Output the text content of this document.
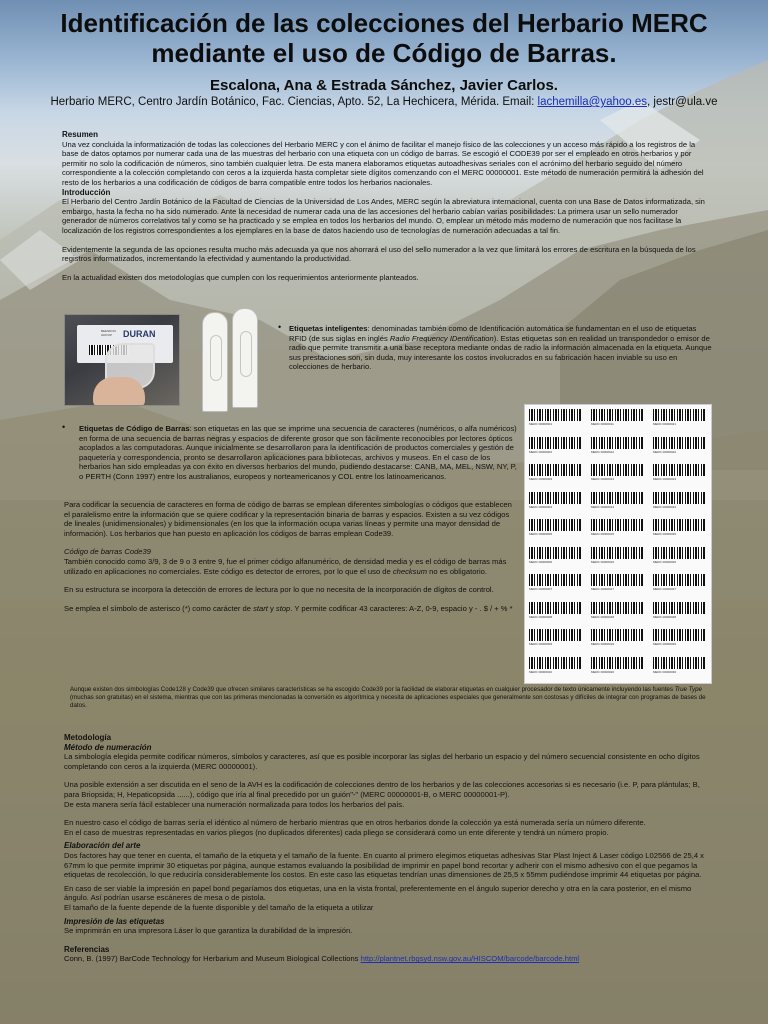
Identificación de las colecciones del Herbario MERC
mediante el uso de Código de Barras.
Escalona, Ana & Estrada Sánchez, Javier Carlos.
Herbario MERC, Centro Jardín Botánico, Fac. Ciencias, Apto. 52, La Hechicera, Mérida. Email: lachemilla@yahoo.es, jestr@ula.ve

Resumen

Una vez concluida la informatización de todas las colecciones del Herbario MERC y con el ánimo de facilitar el manejo físico de las colecciones y un acceso más rápido a los registros de la base de datos optamos por numerar cada una de las muestras del herbario con una etiqueta con un código de barras. Se escogió el CODE39 por ser el empleado en otros herbarios y por permitir no solo la codificación de números, sino también cualquier letra. De esta manera elaboramos etiquetas autoadhesivas seriales con el acrónimo del herbario seguido del número correspondiente a la colección completando con ceros a la izquierda hasta completar siete dígitos comenzando con el MERC 00000001. Este método de numeración permitirá la adhesión del resto de los herbarios a una codificación de códigos de barra compatible entre todos los herbarios nacionales.

Introducción

El Herbario del Centro Jardín Botánico de la Facultad de Ciencias de la Universidad de Los Andes, MERC según la abreviatura internacional, cuenta con una Base de Datos informatizada, sin embargo, hasta la fecha no ha sido numerado. Ante la necesidad de numerar cada una de las accesiones del herbario cabían varias posibilidades: La primera usar un sello numerador generador de números correlativos tal y como se ha practicado y se emplea en todos los herbarios del mundo. O, emplear un método más moderno de numeración que nos facilitase la localización de los registros correspondientes a los ejemplares en la base de datos haciendo uso de tecnologías de numeración adecuadas a tal fin.

Evidentemente la segunda de las opciones resulta mucho más adecuada ya que nos ahorrará el uso del sello numerador a la vez que limitará los errores de escritura en la búsqueda de los registros informatizados, incrementando la efectividad y aumentando la productividad.

En la actualidad existen dos metodologías que cumplen con los requerimientos anteriormente planteados.

DURAN
BEENDON GROUP
• Etiquetas inteligentes: denominadas también como de Identificación automática se fundamentan en el uso de etiquetas RFID (de sus siglas en inglés Radio Frequency IDentification). Estas etiquetas son en realidad un transpondedor o emisor de radio que permite transmitir a una base receptora mediante ondas de radio la información almacenada en la etiqueta. Aunque sus prestaciones son, sin duda, muy interesante los costos involucrados en su fabricación hacen inviable su uso en colecciones de herbario.

• Etiquetas de Código de Barras: son etiquetas en las que se imprime una secuencia de caracteres (numéricos, o alfa numéricos) en forma de una secuencia de barras negras y espacios de diferente grosor que son fácilmente reconocibles por lectores ópticos acoplados a las computadoras. Aunque inicialmente se desarrollaron para la identificación de productos comerciales y gestión de paquetería y correspondencia, pronto se desarrollaron aplicaciones para bibliotecas, archivos y museos. En el caso de los herbarios han sido empleadas ya con éxito en diversos herbarios del mundo, pudiendo destacarse: CANB, MA, MEL, NSW, NY, P, o PERTH (Conn 1997) entre los australianos, europeos y norteamericanos y COL entre los latinoamericanos.

Para codificar la secuencia de caracteres en forma de código de barras se emplean diferentes simbologías o códigos que establecen el paralelismo entre la información que se quiere codificar y la representación binaria de barras y espacios. Existen a su vez códigos de lineales (unidimensionales) y bidimensionales (en los que la información ocupa varias líneas y permite una mayor densidad de información). Los herbarios que han puesto en aplicación los códigos de barras emplean Code39.

Código de barras Code39

También conocido como 3/9, 3 de 9 o 3 entre 9, fue el primer código alfanumérico, de densidad media y es el código de barras más utilizado en aplicaciones no comerciales. Este código es detector de errores, por lo que el uso de checksum no es obligatorio.

En su estructura se incorpora la detección de errores de lectura por lo que no necesita de la incorporación de dígitos de control.

Se emplea el símbolo de asterisco (*) como carácter de start y stop. Y permite codificar 43 caracteres: A-Z, 0-9, espacio y - . $ / + % *

MERC 00000001	MERC 00000011	MERC 00000021
MERC 00000002	MERC 00000012	MERC 00000022
MERC 00000003	MERC 00000013	MERC 00000023
MERC 00000004	MERC 00000014	MERC 00000024
MERC 00000005	MERC 00000015	MERC 00000025
MERC 00000006	MERC 00000016	MERC 00000026
MERC 00000007	MERC 00000017	MERC 00000027
MERC 00000008	MERC 00000018	MERC 00000028
MERC 00000009	MERC 00000019	MERC 00000029
MERC 00000010	MERC 00000020	MERC 00000030

Aunque existen dos simbologías Code128 y Code39 que ofrecen similares características se ha escogido Code39 por la facilidad de elaborar etiquetas en cualquier procesador de texto únicamente incluyendo las fuentes True Type (muchas son gratuitas) en el sistema, mientras que con las primeras mencionadas la conversión es algorítmica y necesita de aplicaciones especiales que generalmente son costosas y difíciles de integrar con programas de bases de datos.

Metodología

Método de numeración

La simbología elegida permite codificar números, símbolos y caracteres, así que es posible incorporar las siglas del herbario un espacio y del número secuencial consistente en ocho dígitos completando con ceros a la izquierda (MERC 00000001).

Una posible extensión a ser discutida en el seno de la AVH es la codificación de colecciones dentro de los herbarios y de las colecciones accesorias si es necesario (i.e. P, para plántulas; B, para Briopsida; H, Hepaticopsida ......), código que iría al final precedido por un guión"-" (MERC 00000001-B, o MERC 00000001-P).

De esta manera sería fácil establecer una numeración normalizada para todos los herbarios del país.

En nuestro caso el código de barras sería el idéntico al número de herbario mientras que en otros herbarios donde la colección ya está numerada sería un número diferente.

En el caso de muestras representadas en varios pliegos (no duplicados diferentes) cada pliego se considerará como un ente diferente y tendrá un número propio.

Elaboración del arte

Dos factores hay que tener en cuenta, el tamaño de la etiqueta y el tamaño de la fuente. En cuanto al primero elegimos etiquetas adhesivas Star Plast Inject & Laser código L02566 de 25,4 x 67mm lo que permite imprimir 30 etiquetas por página, aunque estamos evaluando la posibilidad de imprimir en papel bond recortar y adherir con el mismo adhesivo con el que pegamos la etiquetas de recolección, lo que reduciría considerablemente los costos. En este caso las etiquetas tendrían unas dimensiones de 25,5 x 55mm pudiéndose imprimir 44 etiquetas por página.

En caso de ser viable la impresión en papel bond pegaríamos dos etiquetas, una en la vista frontal, preferentemente en el ángulo superior derecho y otra en la cara posterior, en el mismo ángulo. Así podrían usarse escáneres de mesa o de pistola.

El tamaño de la fuente depende de la fuente disponible y del tamaño de la etiqueta a utilizar

Impresión de las etiquetas

Se imprimirán en una impresora Láser lo que garantiza la durabilidad de la impresión.

Referencias

Conn, B. (1997) BarCode Technology for Herbarium and Museum Biological Collections http://plantnet.rbgsyd.nsw.gov.au/HISCOM/barcode/barcode.html
